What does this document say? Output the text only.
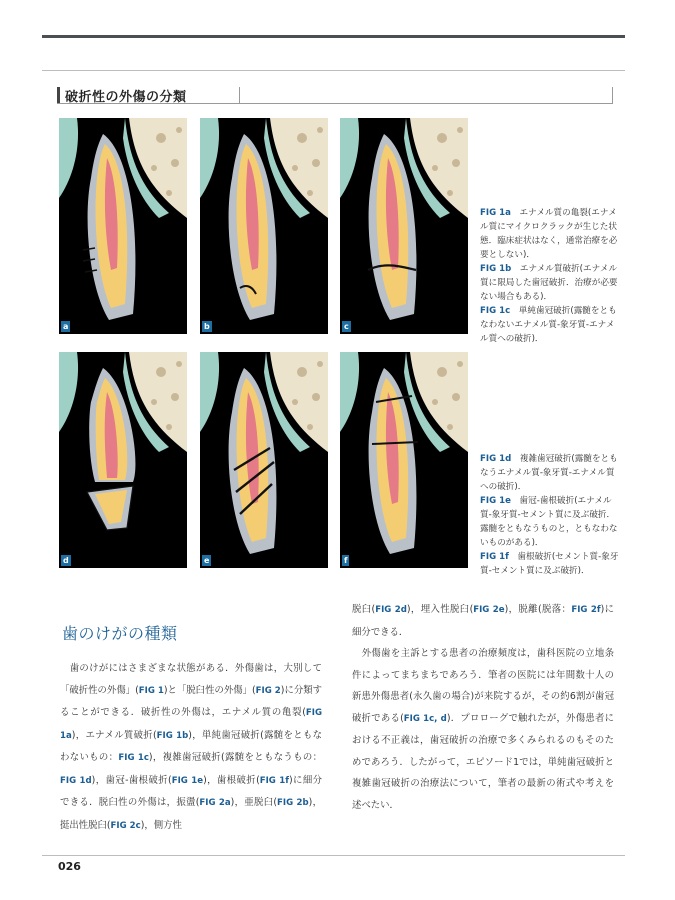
破折性の外傷の分類
a	b	c
d	e	f

FIG 1a　 エナメル質の亀裂(エナメル質にマイクロクラックが生じた状態．臨床症状はなく，通常治療を必要としない)．

FIG 1b　 エナメル質破折(エナメル質に限局した歯冠破折．治療が必要ない場合もある)．

FIG 1c　 単純歯冠破折(露髄をともなわないエナメル質-象牙質-エナメル質への破折)．

FIG 1d　 複雑歯冠破折(露髄をともなうエナメル質-象牙質-エナメル質への破折)．

FIG 1e　 歯冠-歯根破折(エナメル質-象牙質-セメント質に及ぶ破折．露髄をともなうものと，ともなわないものがある)．

FIG 1f　 歯根破折(セメント質-象牙質-セメント質に及ぶ破折)．

歯のけがの種類

　歯のけがにはさまざまな状態がある．外傷歯は，大別して「破折性の外傷」(FIG 1)と「脱臼性の外傷」(FIG 2)に分類することができる．破折性の外傷は，エナメル質の亀裂(FIG 1a)，エナメル質破折(FIG 1b)，単純歯冠破折(露髄をともなわないもの：FIG 1c)，複雑歯冠破折(露髄をともなうもの：FIG 1d)，歯冠-歯根破折(FIG 1e)，歯根破折(FIG 1f)に細分できる．脱臼性の外傷は，振盪(FIG 2a)，亜脱臼(FIG 2b)，挺出性脱臼(FIG 2c)，側方性

脱臼(FIG 2d)，埋入性脱臼(FIG 2e)，脱離(脱落：FIG 2f)に細分できる．

　外傷歯を主訴とする患者の治療頻度は，歯科医院の立地条件によってまちまちであろう．筆者の医院には年間数十人の新患外傷患者(永久歯の場合)が来院するが，その約6割が歯冠破折である(FIG 1c, d)．プロローグで触れたが，外傷患者における不正義は，歯冠破折の治療で多くみられるのもそのためであろう．したがって，エピソード1では，単純歯冠破折と複雑歯冠破折の治療法について，筆者の最新の術式や考えを述べたい．

026
